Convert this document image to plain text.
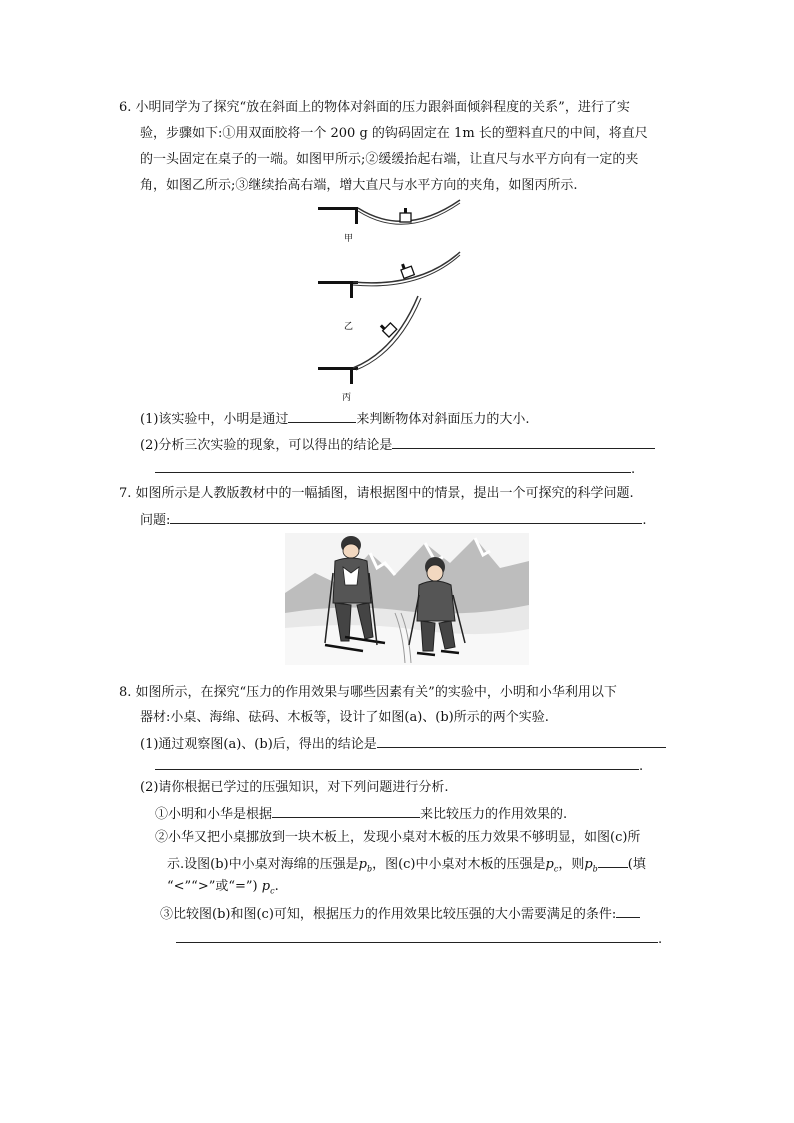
6. 小明同学为了探究“放在斜面上的物体对斜面的压力跟斜面倾斜程度的关系”，进行了实
验，步骤如下:①用双面胶将一个 200 g 的钩码固定在 1m 长的塑料直尺的中间，将直尺
的一头固定在桌子的一端。如图甲所示;②缓缓抬起右端，让直尺与水平方向有一定的夹
角，如图乙所示;③继续抬高右端，增大直尺与水平方向的夹角，如图丙所示.
甲
乙
丙
(1)该实验中，小明是通过	来判断物体对斜面压力的大小.
(2)分析三次实验的现象，可以得出的结论是
.
7. 如图所示是人教版教材中的一幅插图，请根据图中的情景，提出一个可探究的科学问题.
问题:	.
8. 如图所示，在探究“压力的作用效果与哪些因素有关”的实验中，小明和小华利用以下
器材:小桌、海绵、砝码、木板等，设计了如图(a)、(b)所示的两个实验.
(1)通过观察图(a)、(b)后，得出的结论是
.
(2)请你根据已学过的压强知识，对下列问题进行分析.
①小明和小华是根据	来比较压力的作用效果的.
②小华又把小桌挪放到一块木板上，发现小桌对木板的压力效果不够明显，如图(c)所
示.设图(b)中小桌对海绵的压强是$p_b$，图(c)中小桌对木板的压强是$p_c$，则$p_b$ (填
“<”“>”或“=”) $p_c$.
③比较图(b)和图(c)可知，根据压力的作用效果比较压强的大小需要满足的条件:
.
